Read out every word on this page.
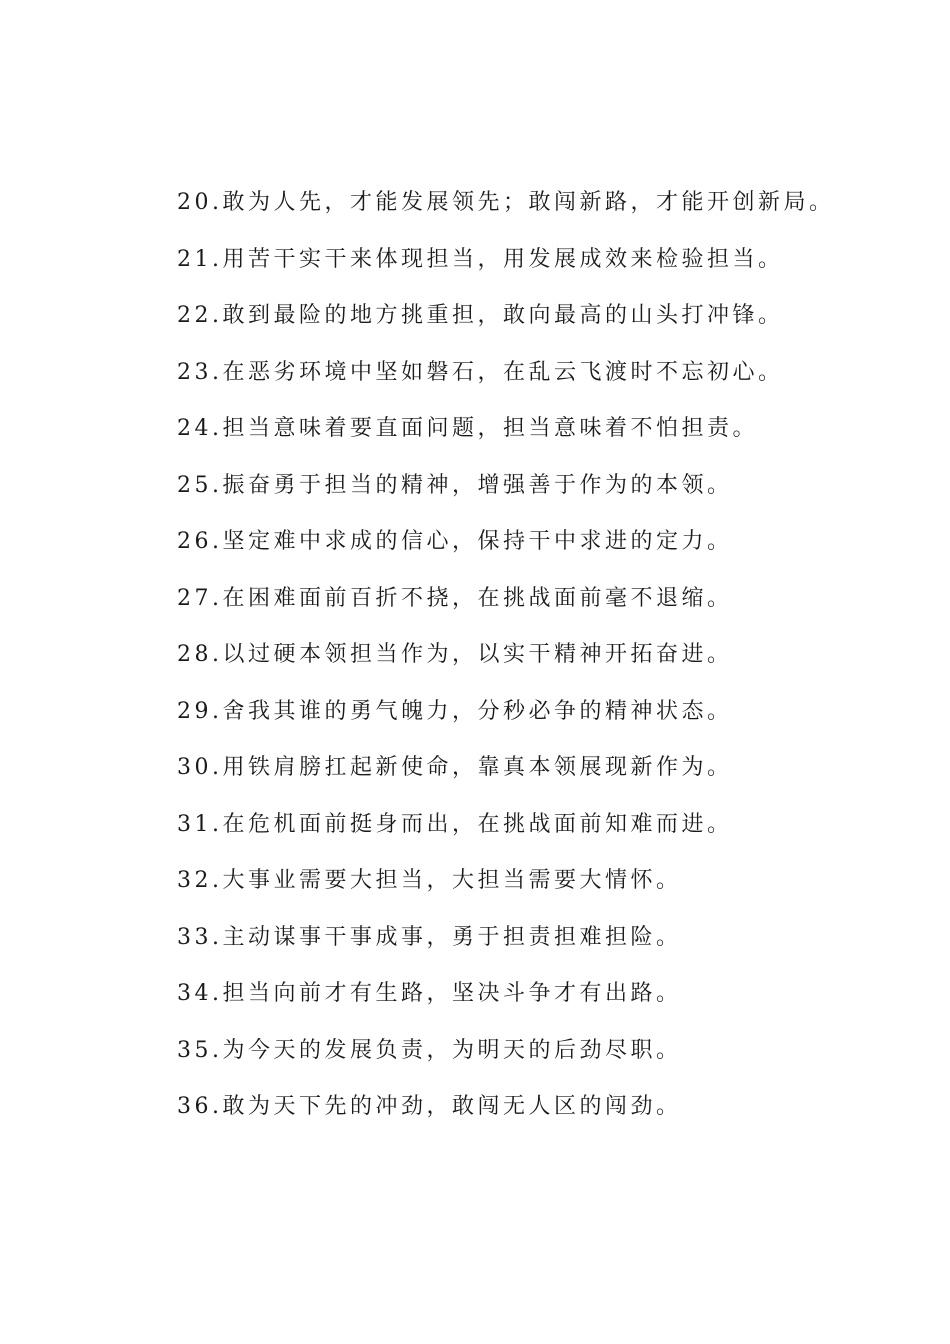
20.敢为人先，才能发展领先；敢闯新路，才能开创新局。
21.用苦干实干来体现担当，用发展成效来检验担当。
22.敢到最险的地方挑重担，敢向最高的山头打冲锋。
23.在恶劣环境中坚如磐石，在乱云飞渡时不忘初心。
24.担当意味着要直面问题，担当意味着不怕担责。
25.振奋勇于担当的精神，增强善于作为的本领。
26.坚定难中求成的信心，保持干中求进的定力。
27.在困难面前百折不挠，在挑战面前毫不退缩。
28.以过硬本领担当作为，以实干精神开拓奋进。
29.舍我其谁的勇气魄力，分秒必争的精神状态。
30.用铁肩膀扛起新使命，靠真本领展现新作为。
31.在危机面前挺身而出，在挑战面前知难而进。
32.大事业需要大担当，大担当需要大情怀。
33.主动谋事干事成事，勇于担责担难担险。
34.担当向前才有生路，坚决斗争才有出路。
35.为今天的发展负责，为明天的后劲尽职。
36.敢为天下先的冲劲，敢闯无人区的闯劲。
